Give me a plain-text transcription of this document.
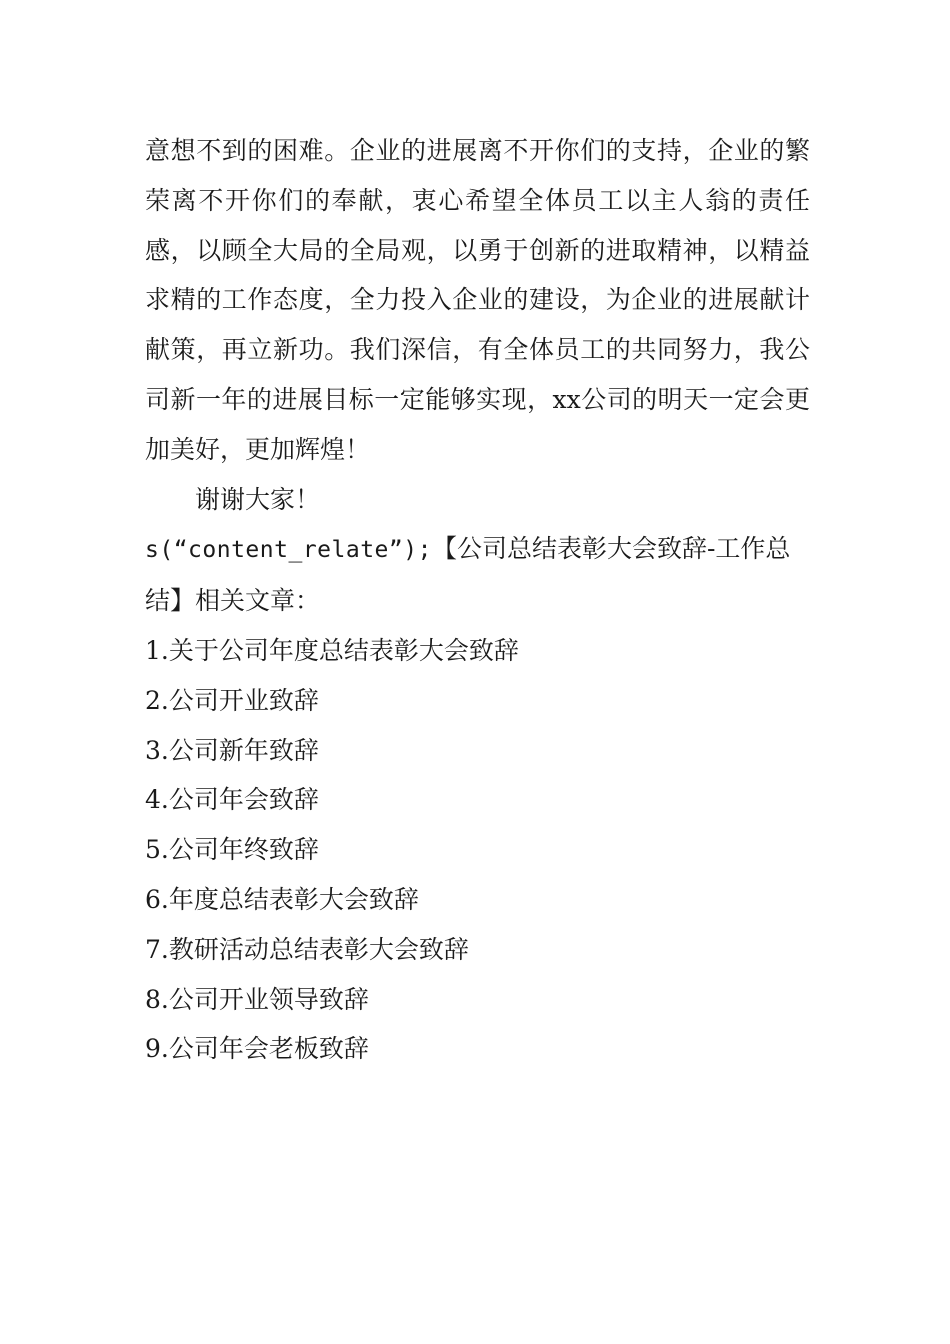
意想不到的困难。企业的进展离不开你们的支持，企业的繁荣离不开你们的奉献，衷心希望全体员工以主人翁的责任感，以顾全大局的全局观，以勇于创新的进取精神，以精益求精的工作态度，全力投入企业的建设，为企业的进展献计献策，再立新功。我们深信，有全体员工的共同努力，我公司新一年的进展目标一定能够实现，xx公司的明天一定会更加美好，更加辉煌！

谢谢大家！

s(“content_relate”);【公司总结表彰大会致辞-工作总结】相关文章：

1.关于公司年度总结表彰大会致辞
2.公司开业致辞
3.公司新年致辞
4.公司年会致辞
5.公司年终致辞
6.年度总结表彰大会致辞
7.教研活动总结表彰大会致辞
8.公司开业领导致辞
9.公司年会老板致辞
